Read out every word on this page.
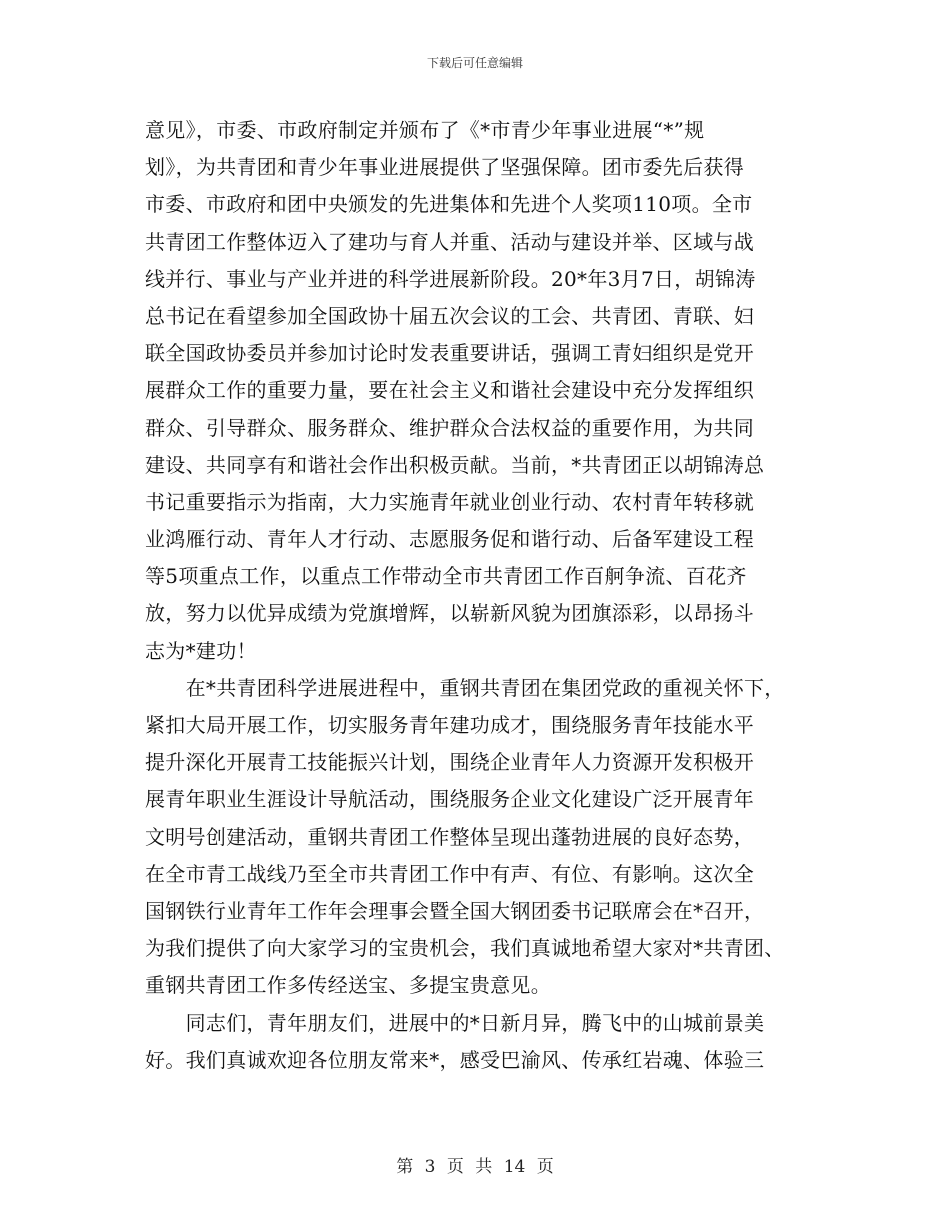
下载后可任意编辑
意见》，市委、市政府制定并颁布了《*市青少年事业进展“*”规
划》，为共青团和青少年事业进展提供了坚强保障。团市委先后获得
市委、市政府和团中央颁发的先进集体和先进个人奖项110项。全市
共青团工作整体迈入了建功与育人并重、活动与建设并举、区域与战
线并行、事业与产业并进的科学进展新阶段。20*年3月7日，胡锦涛
总书记在看望参加全国政协十届五次会议的工会、共青团、青联、妇
联全国政协委员并参加讨论时发表重要讲话，强调工青妇组织是党开
展群众工作的重要力量，要在社会主义和谐社会建设中充分发挥组织
群众、引导群众、服务群众、维护群众合法权益的重要作用，为共同
建设、共同享有和谐社会作出积极贡献。当前，*共青团正以胡锦涛总
书记重要指示为指南，大力实施青年就业创业行动、农村青年转移就
业鸿雁行动、青年人才行动、志愿服务促和谐行动、后备军建设工程
等5项重点工作，以重点工作带动全市共青团工作百舸争流、百花齐
放，努力以优异成绩为党旗增辉，以崭新风貌为团旗添彩，以昂扬斗
志为*建功！
　　在*共青团科学进展进程中，重钢共青团在集团党政的重视关怀下，
紧扣大局开展工作，切实服务青年建功成才，围绕服务青年技能水平
提升深化开展青工技能振兴计划，围绕企业青年人力资源开发积极开
展青年职业生涯设计导航活动，围绕服务企业文化建设广泛开展青年
文明号创建活动，重钢共青团工作整体呈现出蓬勃进展的良好态势，
在全市青工战线乃至全市共青团工作中有声、有位、有影响。这次全
国钢铁行业青年工作年会理事会暨全国大钢团委书记联席会在*召开，
为我们提供了向大家学习的宝贵机会，我们真诚地希望大家对*共青团、
重钢共青团工作多传经送宝、多提宝贵意见。
　　同志们，青年朋友们，进展中的*日新月异，腾飞中的山城前景美
好。我们真诚欢迎各位朋友常来*，感受巴渝风、传承红岩魂、体验三
第 3 页 共 14 页
